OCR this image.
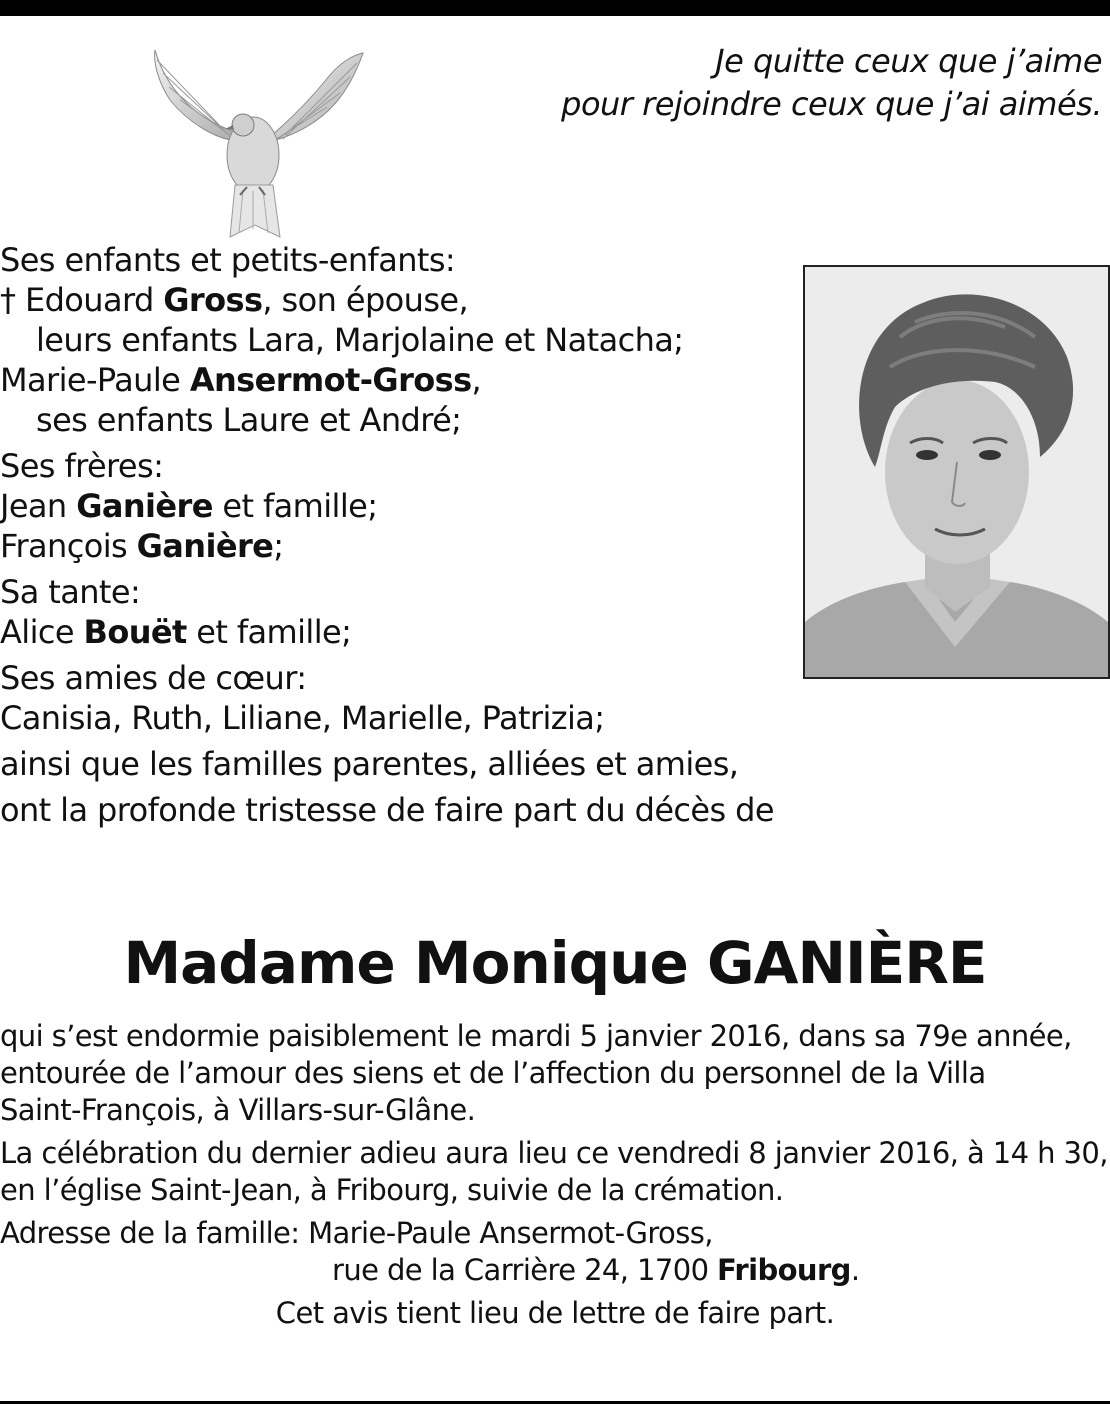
Je quitte ceux que j’aime
pour rejoindre ceux que j’ai aimés.
Ses enfants et petits-enfants:
† Edouard Gross, son épouse,
leurs enfants Lara, Marjolaine et Natacha;
Marie-Paule Ansermot-Gross,
ses enfants Laure et André;
Ses frères:
Jean Ganière et famille;
François Ganière;
Sa tante:
Alice Bouët et famille;
Ses amies de cœur:
Canisia, Ruth, Liliane, Marielle, Patrizia;
ainsi que les familles parentes, alliées et amies,
ont la profonde tristesse de faire part du décès de
Madame Monique GANIÈRE
qui s’est endormie paisiblement le mardi 5 janvier 2016, dans sa 79e année,
entourée de l’amour des siens et de l’affection du personnel de la Villa
Saint-François, à Villars-sur-Glâne.
La célébration du dernier adieu aura lieu ce vendredi 8 janvier 2016, à 14 h 30,
en l’église Saint-Jean, à Fribourg, suivie de la crémation.
Adresse de la famille: Marie-Paule Ansermot-Gross,
rue de la Carrière 24, 1700 Fribourg.
Cet avis tient lieu de lettre de faire part.
